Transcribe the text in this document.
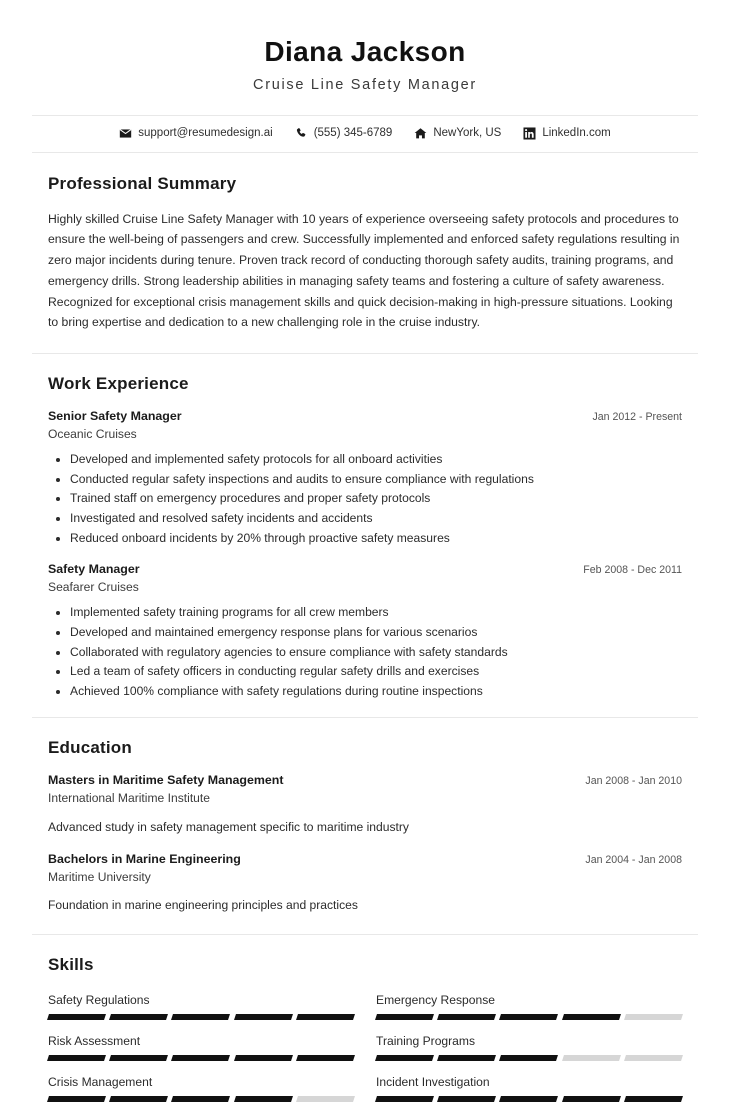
Diana Jackson
Cruise Line Safety Manager
support@resumedesign.ai	(555) 345-6789	NewYork, US	LinkedIn.com
Professional Summary
Highly skilled Cruise Line Safety Manager with 10 years of experience overseeing safety protocols and procedures to ensure the well-being of passengers and crew. Successfully implemented and enforced safety regulations resulting in zero major incidents during tenure. Proven track record of conducting thorough safety audits, training programs, and emergency drills. Strong leadership abilities in managing safety teams and fostering a culture of safety awareness. Recognized for exceptional crisis management skills and quick decision-making in high-pressure situations. Looking to bring expertise and dedication to a new challenging role in the cruise industry.
Work Experience
Senior Safety Manager	Jan 2012 - Present
Oceanic Cruises
• Developed and implemented safety protocols for all onboard activities
• Conducted regular safety inspections and audits to ensure compliance with regulations
• Trained staff on emergency procedures and proper safety protocols
• Investigated and resolved safety incidents and accidents
• Reduced onboard incidents by 20% through proactive safety measures
Safety Manager	Feb 2008 - Dec 2011
Seafarer Cruises
• Implemented safety training programs for all crew members
• Developed and maintained emergency response plans for various scenarios
• Collaborated with regulatory agencies to ensure compliance with safety standards
• Led a team of safety officers in conducting regular safety drills and exercises
• Achieved 100% compliance with safety regulations during routine inspections
Education
Masters in Maritime Safety Management	Jan 2008 - Jan 2010
International Maritime Institute
Advanced study in safety management specific to maritime industry
Bachelors in Marine Engineering	Jan 2004 - Jan 2008
Maritime University
Foundation in marine engineering principles and practices
Skills
Safety Regulations	Emergency Response
Risk Assessment	Training Programs
Crisis Management	Incident Investigation
